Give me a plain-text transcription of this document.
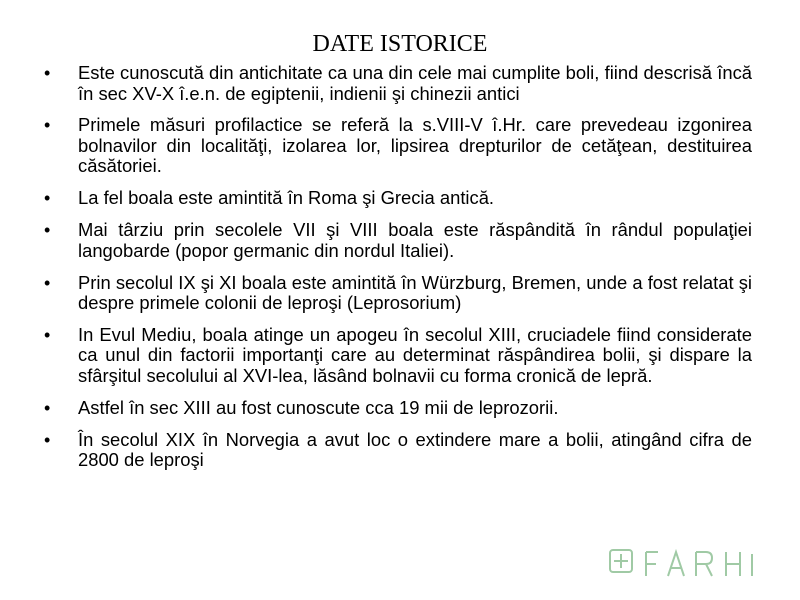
DATE ISTORICE
• Este cunoscută din antichitate ca una din cele mai cumplite boli, fiind descrisă încă în sec XV-X î.e.n. de egiptenii, indienii şi chinezii antici
• Primele măsuri profilactice se referă la s.VIII-V î.Hr. care prevedeau izgonirea bolnavilor din localităţi, izolarea lor, lipsirea drepturilor de cetăţean, destituirea căsătoriei.
• La fel boala este amintită în Roma şi Grecia antică.
• Mai târziu prin secolele VII şi VIII boala este răspândită în rândul populaţiei langobarde (popor germanic din nordul Italiei).
• Prin secolul IX şi XI boala este amintită în Würzburg, Bremen, unde a fost relatat şi despre primele colonii de leproşi (Leprosorium)
• In Evul Mediu, boala atinge un apogeu în secolul XIII, cruciadele fiind considerate ca unul din factorii importanţi care au determinat răspândirea bolii, şi dispare la sfârşitul secolului al XVI-lea, lăsând bolnavii cu forma cronică de lepră.
• Astfel în sec XIII au fost cunoscute cca 19 mii de leprozorii.
• În secolul XIX în Norvegia a avut loc o extindere mare a bolii, atingând cifra de 2800 de leproşi
